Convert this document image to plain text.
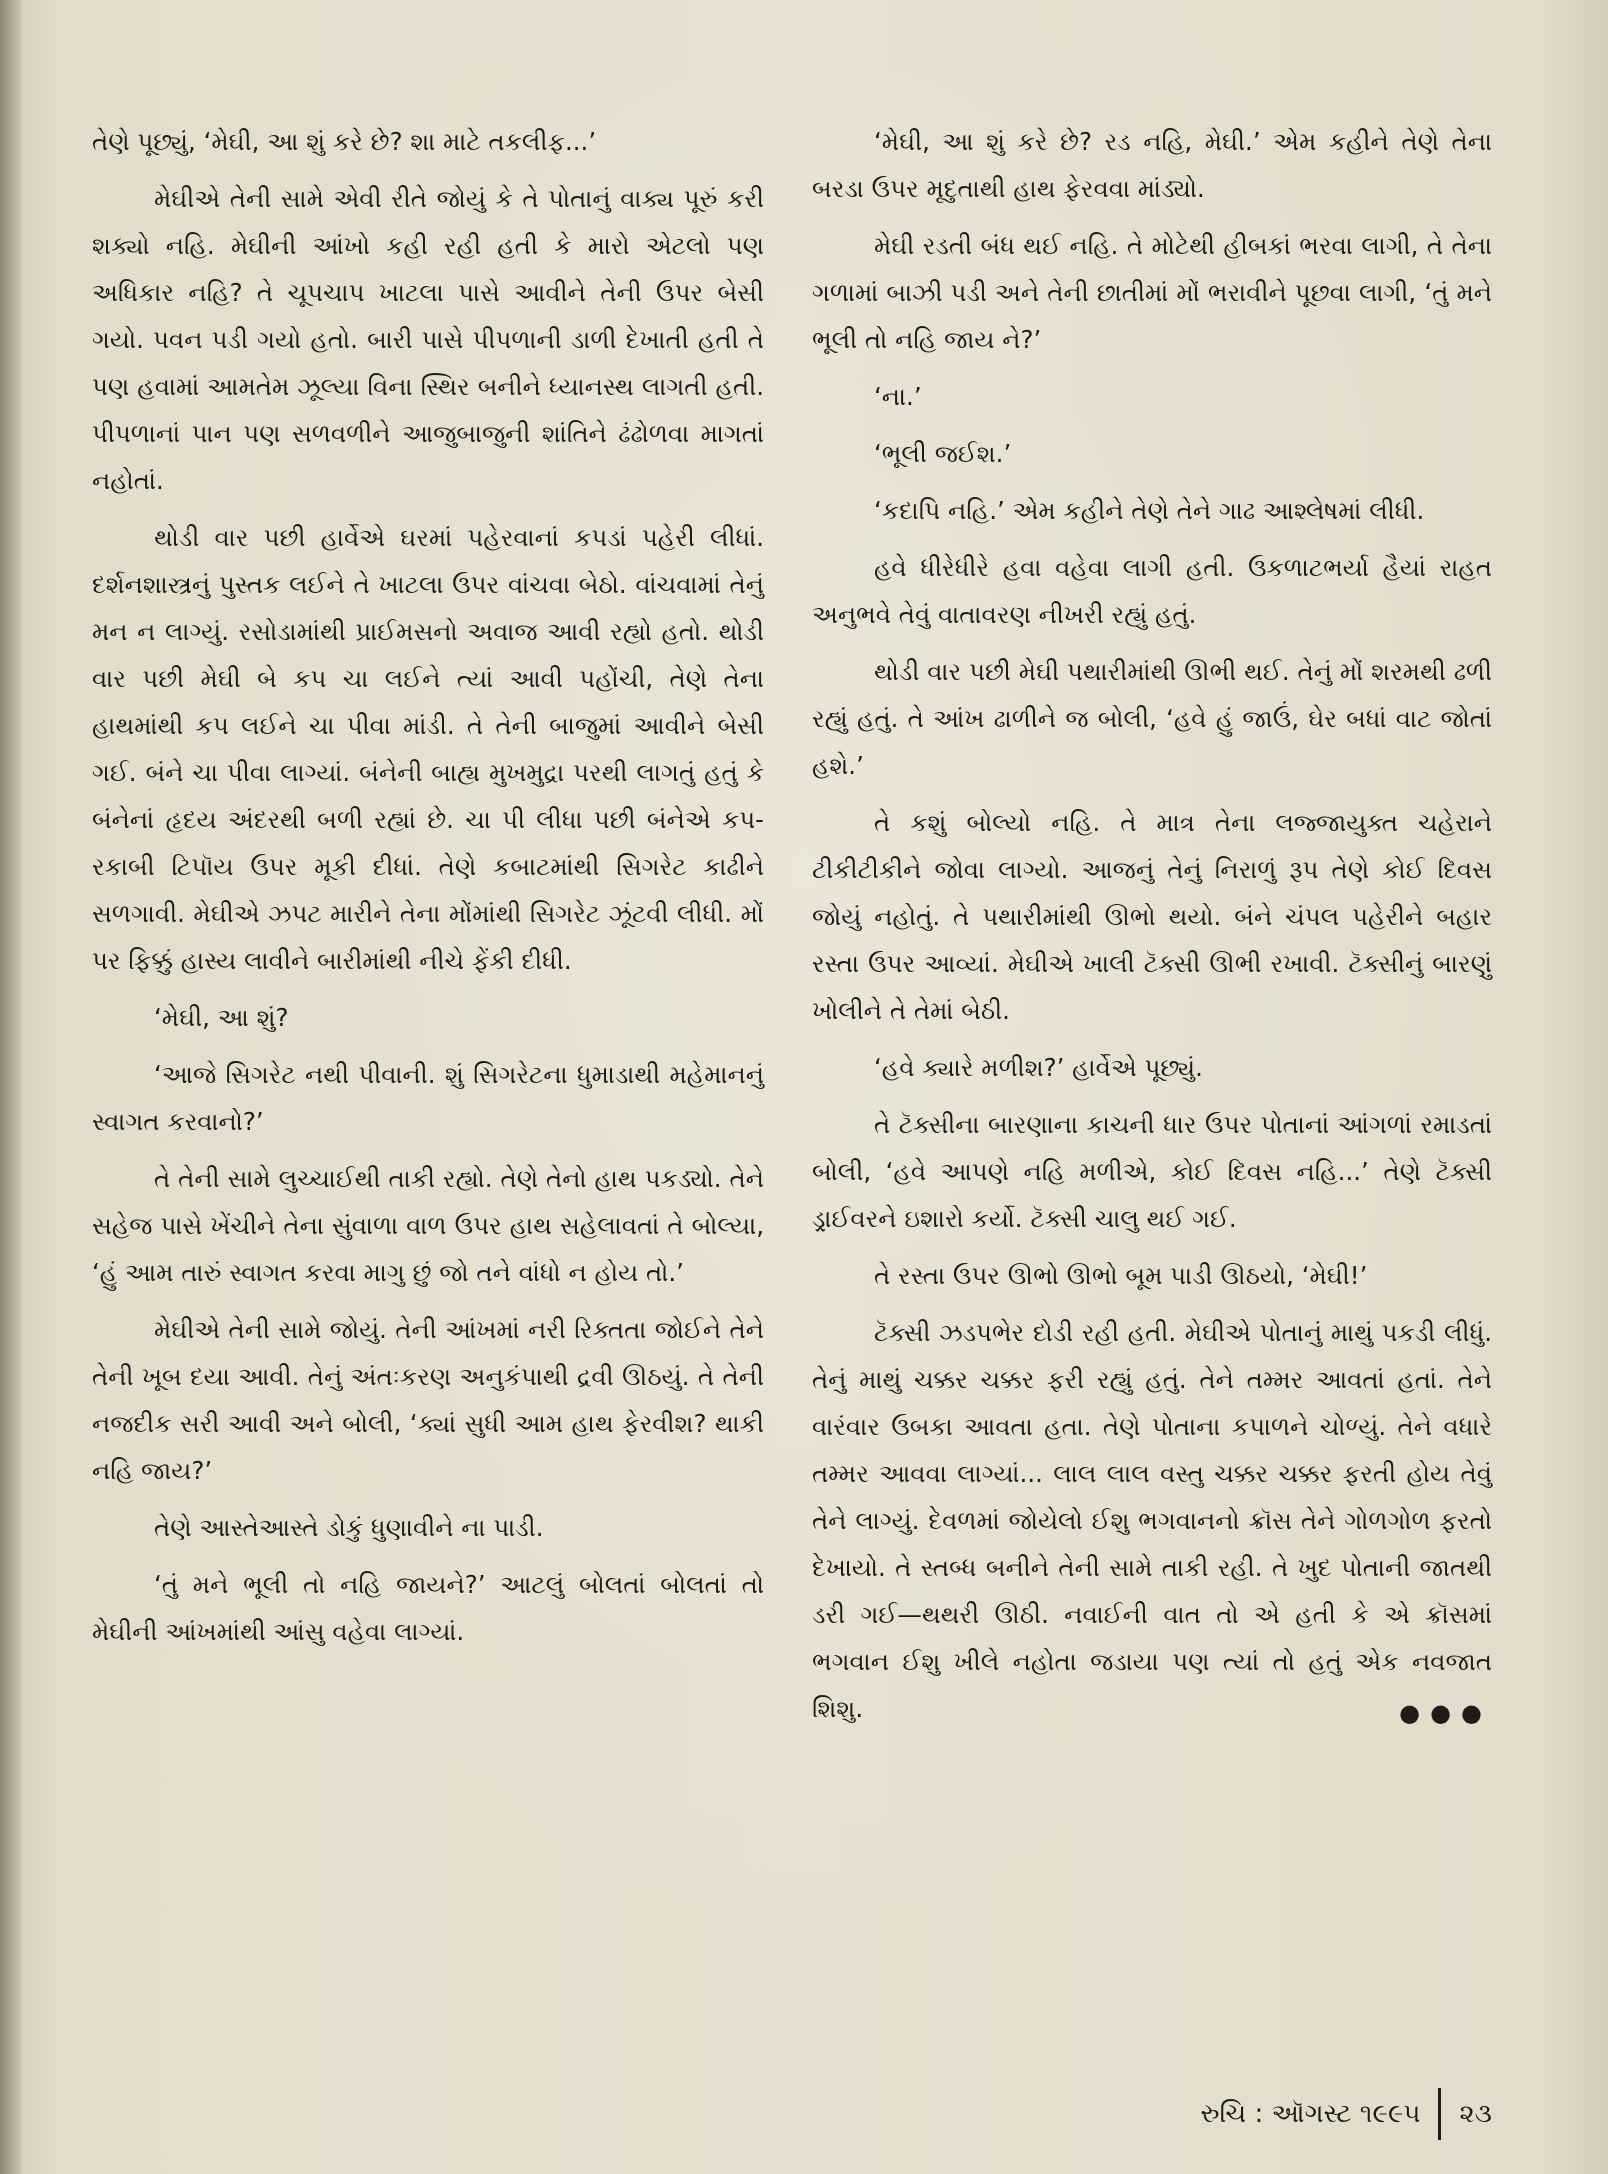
તેણે પૂછ્યું, ‘મેઘી, આ શું કરે છે? શા માટે તકલીફ...’

મેઘીએ તેની સામે એવી રીતે જોયું કે તે પોતાનું વાક્ય પૂરું કરી શક્યો નહિ. મેઘીની આંખો કહી રહી હતી કે મારો એટલો પણ અધિકાર નહિ? તે ચૂપચાપ ખાટલા પાસે આવીને તેની ઉપર બેસી ગયો. પવન પડી ગયો હતો. બારી પાસે પીપળાની ડાળી દેખાતી હતી તે પણ હવામાં આમતેમ ઝૂલ્યા વિના સ્થિર બનીને ધ્યાનસ્થ લાગતી હતી. પીપળાનાં પાન પણ સળવળીને આજુબાજુની શાંતિને ઢંઢોળવા માગતાં નહોતાં.

થોડી વાર પછી હાર્વેએ ઘરમાં પહેરવાનાં કપડાં પહેરી લીધાં. દર્શનશાસ્ત્રનું પુસ્તક લઈને તે ખાટલા ઉપર વાંચવા બેઠો. વાંચવામાં તેનું મન ન લાગ્યું. રસોડામાંથી પ્રાઈમસનો અવાજ આવી રહ્યો હતો. થોડી વાર પછી મેઘી બે કપ ચા લઈને ત્યાં આવી પહોંચી, તેણે તેના હાથમાંથી કપ લઈને ચા પીવા માંડી. તે તેની બાજુમાં આવીને બેસી ગઈ. બંને ચા પીવા લાગ્યાં. બંનેની બાહ્ય મુખમુદ્રા પરથી લાગતું હતું કે બંનેનાં હૃદય અંદરથી બળી રહ્યાં છે. ચા પી લીધા પછી બંનેએ કપ-રકાબી ટિપૉય ઉપર મૂકી દીધાં. તેણે કબાટમાંથી સિગરેટ કાઢીને સળગાવી. મેઘીએ ઝપટ મારીને તેના મોંમાંથી સિગરેટ ઝૂંટવી લીધી. મોં પર ફિક્કું હાસ્ય લાવીને બારીમાંથી નીચે ફેંકી દીધી.

‘મેઘી, આ શું?

‘આજે સિગરેટ નથી પીવાની. શું સિગરેટના ધુમાડાથી મહેમાનનું સ્વાગત કરવાનો?’

તે તેની સામે લુચ્ચાઈથી તાકી રહ્યો. તેણે તેનો હાથ પકડ્યો. તેને સહેજ પાસે ખેંચીને તેના સુંવાળા વાળ ઉપર હાથ સહેલાવતાં તે બોલ્યા, ‘હું આમ તારું સ્વાગત કરવા માગુ છું જો તને વાંધો ન હોય તો.’

મેઘીએ તેની સામે જોયું. તેની આંખમાં નરી રિક્તતા જોઈને તેને તેની ખૂબ દયા આવી. તેનું અંતઃકરણ અનુકંપાથી દ્રવી ઊઠયું. તે તેની નજદીક સરી આવી અને બોલી, ‘ક્યાં સુધી આમ હાથ ફેરવીશ? થાકી નહિ જાય?’

તેણે આસ્તેઆસ્તે ડોકું ધુણાવીને ના પાડી.

‘તું મને ભૂલી તો નહિ જાયને?’ આટલું બોલતાં બોલતાં તો મેઘીની આંખમાંથી આંસુ વહેવા લાગ્યાં.

‘મેઘી, આ શું કરે છે? રડ નહિ, મેઘી.’ એમ કહીને તેણે તેના બરડા ઉપર મૃદુતાથી હાથ ફેરવવા માંડ્યો.

મેઘી રડતી બંધ થઈ નહિ. તે મોટેથી હીબકાં ભરવા લાગી, તે તેના ગળામાં બાઝી પડી અને તેની છાતીમાં મોં ભરાવીને પૂછવા લાગી, ‘તું મને ભૂલી તો નહિ જાય ને?’

‘ના.’

‘ભૂલી જઈશ.’

‘કદાપિ નહિ.’ એમ કહીને તેણે તેને ગાઢ આશ્લેષમાં લીધી.

હવે ધીરેધીરે હવા વહેવા લાગી હતી. ઉકળાટભર્યા હૈયાં રાહત અનુભવે તેવું વાતાવરણ નીખરી રહ્યું હતું.

થોડી વાર પછી મેઘી પથારીમાંથી ઊભી થઈ. તેનું મોં શરમથી ઢળી રહ્યું હતું. તે આંખ ઢાળીને જ બોલી, ‘હવે હું જાઉં, ઘેર બધાં વાટ જોતાં હશે.’

તે કશું બોલ્યો નહિ. તે માત્ર તેના લજ્જાયુક્ત ચહેરાને ટીકીટીકીને જોવા લાગ્યો. આજનું તેનું નિરાળું રૂપ તેણે કોઈ દિવસ જોયું નહોતું. તે પથારીમાંથી ઊભો થયો. બંને ચંપલ પહેરીને બહાર રસ્તા ઉપર આવ્યાં. મેઘીએ ખાલી ટૅક્સી ઊભી રખાવી. ટૅક્સીનું બારણું ખોલીને તે તેમાં બેઠી.

‘હવે ક્યારે મળીશ?’ હાર્વેએ પૂછ્યું.

તે ટૅક્સીના બારણાના કાચની ધાર ઉપર પોતાનાં આંગળાં રમાડતાં બોલી, ‘હવે આપણે નહિ મળીએ, કોઈ દિવસ નહિ...’ તેણે ટૅક્સી ડ્રાઈવરને ઇશારો કર્યો. ટૅક્સી ચાલુ થઈ ગઈ.

તે રસ્તા ઉપર ઊભો ઊભો બૂમ પાડી ઊઠયો, ‘મેઘી!’

ટૅક્સી ઝડપભેર દોડી રહી હતી. મેઘીએ પોતાનું માથું પકડી લીધું. તેનું માથું ચક્કર ચક્કર ફરી રહ્યું હતું. તેને તમ્મર આવતાં હતાં. તેને વારંવાર ઉબકા આવતા હતા. તેણે પોતાના કપાળને ચોળ્યું. તેને વધારે તમ્મર આવવા લાગ્યાં... લાલ લાલ વસ્તુ ચક્કર ચક્કર ફરતી હોય તેવું તેને લાગ્યું. દેવળમાં જોયેલો ઈશુ ભગવાનનો ક્રૉસ તેને ગોળગોળ ફરતો દેખાયો. તે સ્તબ્ધ બનીને તેની સામે તાકી રહી. તે ખુદ પોતાની જાતથી ડરી ગઈ—થથરી ઊઠી. નવાઈની વાત તો એ હતી કે એ ક્રૉસમાં ભગવાન ઈશુ ખીલે નહોતા જડાયા પણ ત્યાં તો હતું એક નવજાત શિશુ.	●●●
રુચિ : ઑગસ્ટ ૧૯૯૫ ૨૩
